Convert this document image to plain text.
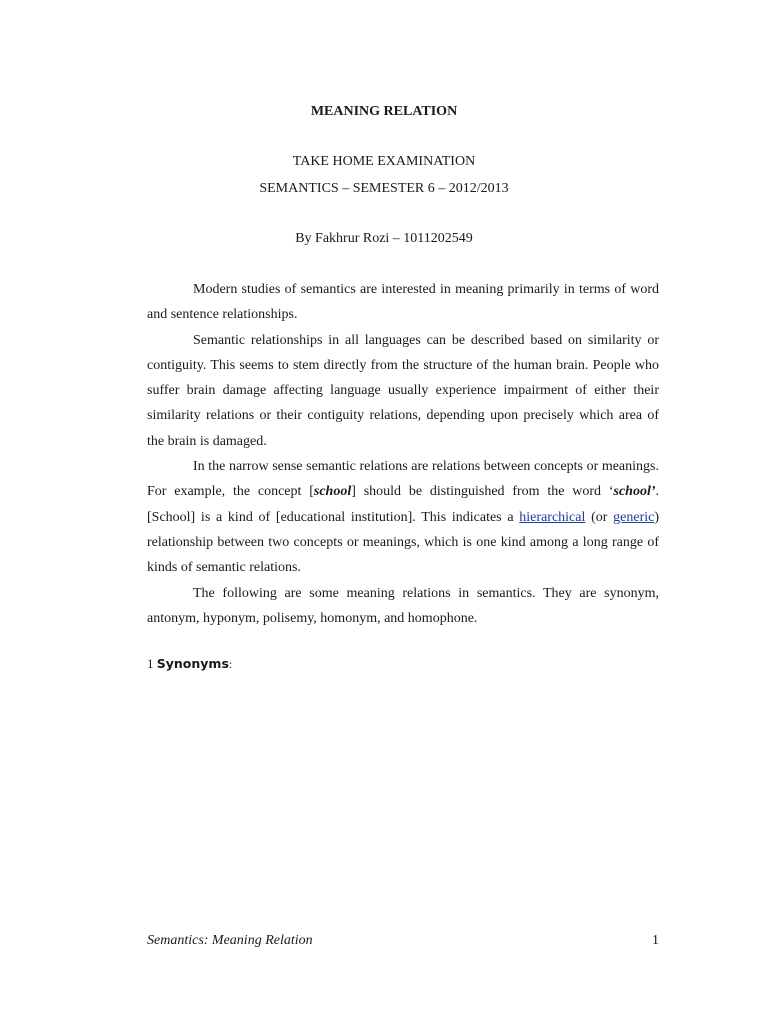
MEANING RELATION
TAKE HOME EXAMINATION
SEMANTICS – SEMESTER 6 – 2012/2013
By Fakhrur Rozi – 1011202549

Modern studies of semantics are interested in meaning primarily in terms of word and sentence relationships.

Semantic relationships in all languages can be described based on similarity or contiguity. This seems to stem directly from the structure of the human brain. People who suffer brain damage affecting language usually experience impairment of either their similarity relations or their contiguity relations, depending upon precisely which area of the brain is damaged.

In the narrow sense semantic relations are relations between concepts or meanings. For example, the concept [school] should be distinguished from the word ‘school’. [School] is a kind of [educational institution]. This indicates a hierarchical (or generic) relationship between two concepts or meanings, which is one kind among a long range of kinds of semantic relations.

The following are some meaning relations in semantics. They are synonym, antonym, hyponym, polisemy, homonym, and homophone.

1 Synonyms:
Semantics: Meaning Relation	1
